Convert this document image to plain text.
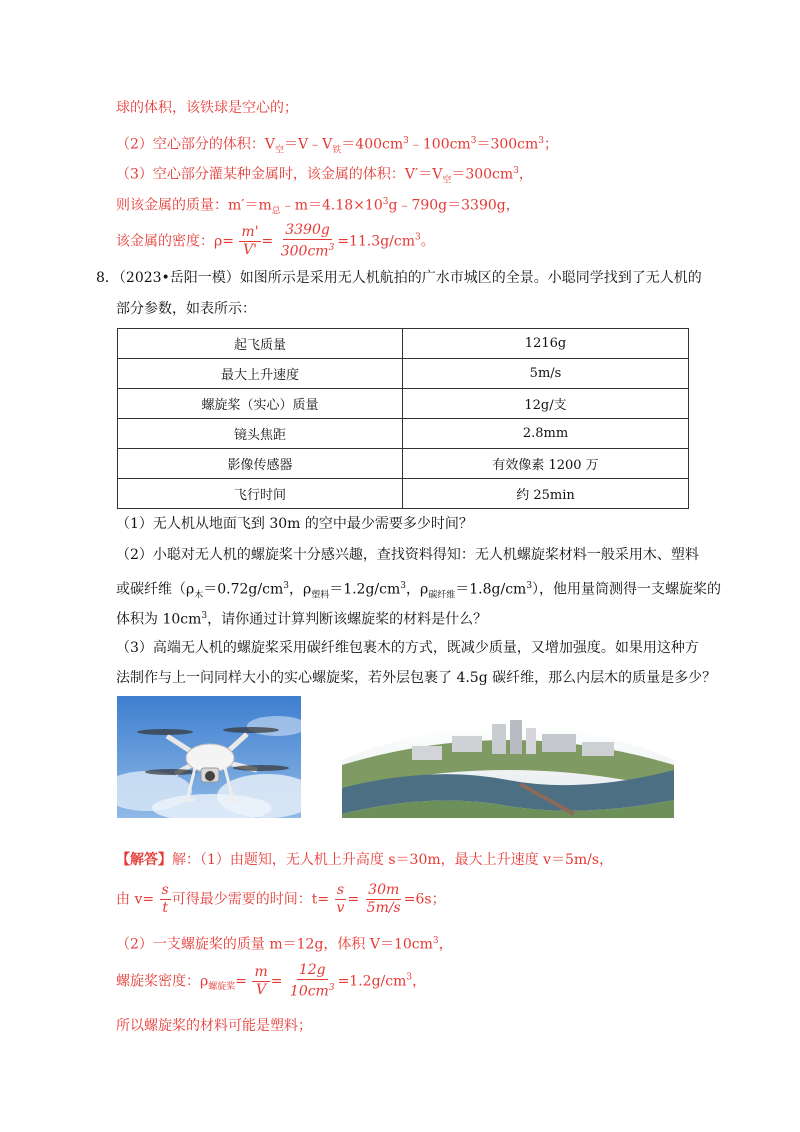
球的体积，该铁球是空心的；
（2）空心部分的体积：$V_空=V﹣V_铁=400cm^3﹣100cm^3=300cm^3$；
（3）空心部分灌某种金属时，该金属的体积：$V'=V_空=300cm^3$，
则该金属的质量：$m'=m_总﹣m=4.18\times 10^3g﹣790g=3390g$，
该金属的密度：$\rho= \frac{m'}{V'} = \frac{3390g}{300cm^3} =11.3g/cm^3$。
8．（2023•岳阳一模）如图所示是采用无人机航拍的广水市城区的全景。小聪同学找到了无人机的
部分参数，如表所示：
起飞质量	1216g
最大上升速度	5m/s
螺旋桨（实心）质量	12g/支
镜头焦距	2.8mm
影像传感器	有效像素 1200 万
飞行时间	约 25min
（1）无人机从地面飞到 30m 的空中最少需要多少时间？
（2）小聪对无人机的螺旋桨十分感兴趣，查找资料得知：无人机螺旋桨材料一般采用木、塑料
或碳纤维（$\rho_木=0.72g/cm^3$，$\rho_{塑料}=1.2g/cm^3$，$\rho_{碳纤维}=1.8g/cm^3$），他用量筒测得一支螺旋桨的
体积为 $10cm^3$，请你通过计算判断该螺旋桨的材料是什么？
（3）高端无人机的螺旋桨采用碳纤维包裹木的方式，既减少质量，又增加强度。如果用这种方
法制作与上一问同样大小的实心螺旋桨，若外层包裹了 4.5g 碳纤维，那么内层木的质量是多少？
【解答】解：（1）由题知，无人机上升高度 s＝30m，最大上升速度 v＝5m/s，
由 $v= \frac{s}{t}$ 可得最少需要的时间：$t= \frac{s}{v} = \frac{30m}{5m/s} =6s$；
（2）一支螺旋桨的质量 m＝12g，体积 $V=10cm^3$，
螺旋桨密度：$\rho_{螺旋桨}= \frac{m}{V} = \frac{12g}{10cm^3} =1.2g/cm^3$，
所以螺旋桨的材料可能是塑料；
